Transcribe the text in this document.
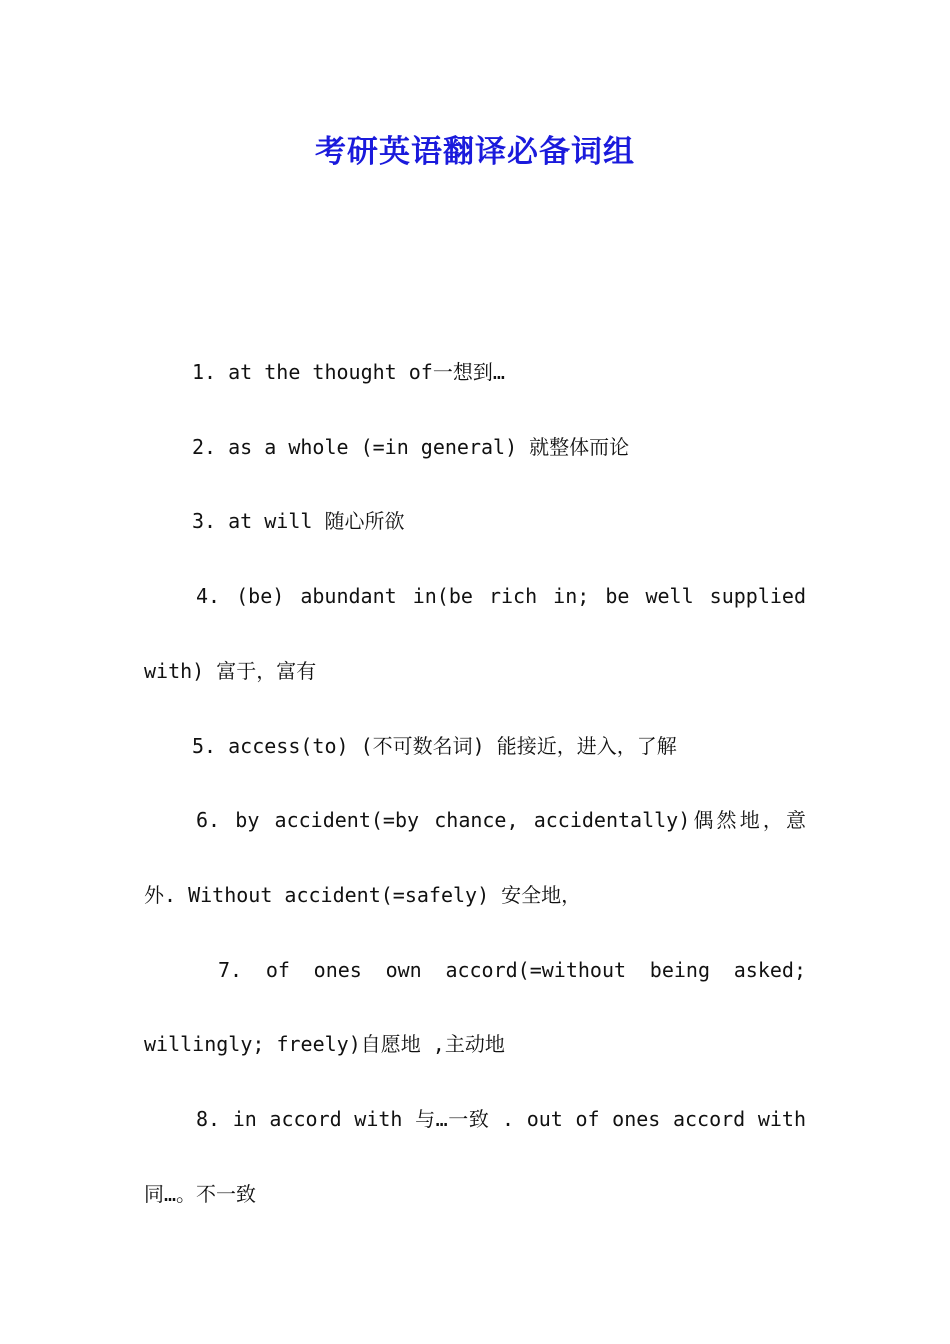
考研英语翻译必备词组

1. at the thought of一想到…

2. as a whole (=in general) 就整体而论

3. at will 随心所欲

4. (be) abundant in(be rich in; be well supplied with) 富于，富有

5. access(to) (不可数名词) 能接近，进入，了解

6. by accident(=by chance, accidentally)偶然地，意外. Without accident(=safely) 安全地，

7. of ones own accord(=without being asked; willingly; freely)自愿地 ,主动地

8. in accord with 与…一致 . out of ones accord with 同…。不一致
